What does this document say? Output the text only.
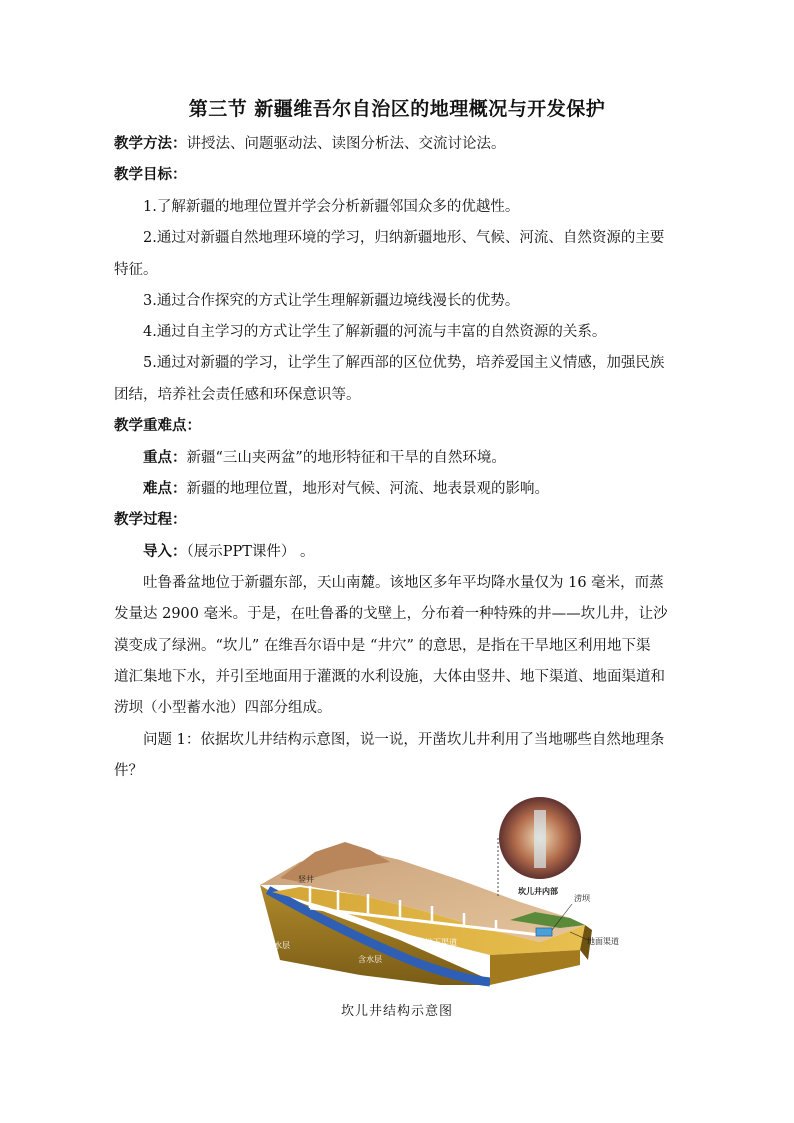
第三节 新疆维吾尔自治区的地理概况与开发保护
教学方法：讲授法、问题驱动法、读图分析法、交流讨论法。
教学目标：
1.了解新疆的地理位置并学会分析新疆邻国众多的优越性。
2.通过对新疆自然地理环境的学习，归纳新疆地形、气候、河流、自然资源的主要
特征。
3.通过合作探究的方式让学生理解新疆边境线漫长的优势。
4.通过自主学习的方式让学生了解新疆的河流与丰富的自然资源的关系。
5.通过对新疆的学习，让学生了解西部的区位优势，培养爱国主义情感，加强民族
团结，培养社会责任感和环保意识等。
教学重难点：
重点：新疆“三山夹两盆”的地形特征和干旱的自然环境。
难点：新疆的地理位置，地形对气候、河流、地表景观的影响。
教学过程：
导入：（展示PPT课件） 。
吐鲁番盆地位于新疆东部，天山南麓。该地区多年平均降水量仅为 16 毫米，而蒸
发量达 2900 毫米。于是，在吐鲁番的戈壁上，分布着一种特殊的井——坎儿井，让沙
漠变成了绿洲。“坎儿” 在维吾尔语中是 “井穴” 的意思，是指在干旱地区利用地下渠
道汇集地下水，并引至地面用于灌溉的水利设施，大体由竖井、地下渠道、地面渠道和
涝坝（小型蓄水池）四部分组成。
问题 1：依据坎儿井结构示意图，说一说，开凿坎儿井利用了当地哪些自然地理条
件？
竖井
坎儿井内部
涝坝
地面渠道
不透水层
含水层
地下渠道
坎儿井结构示意图
